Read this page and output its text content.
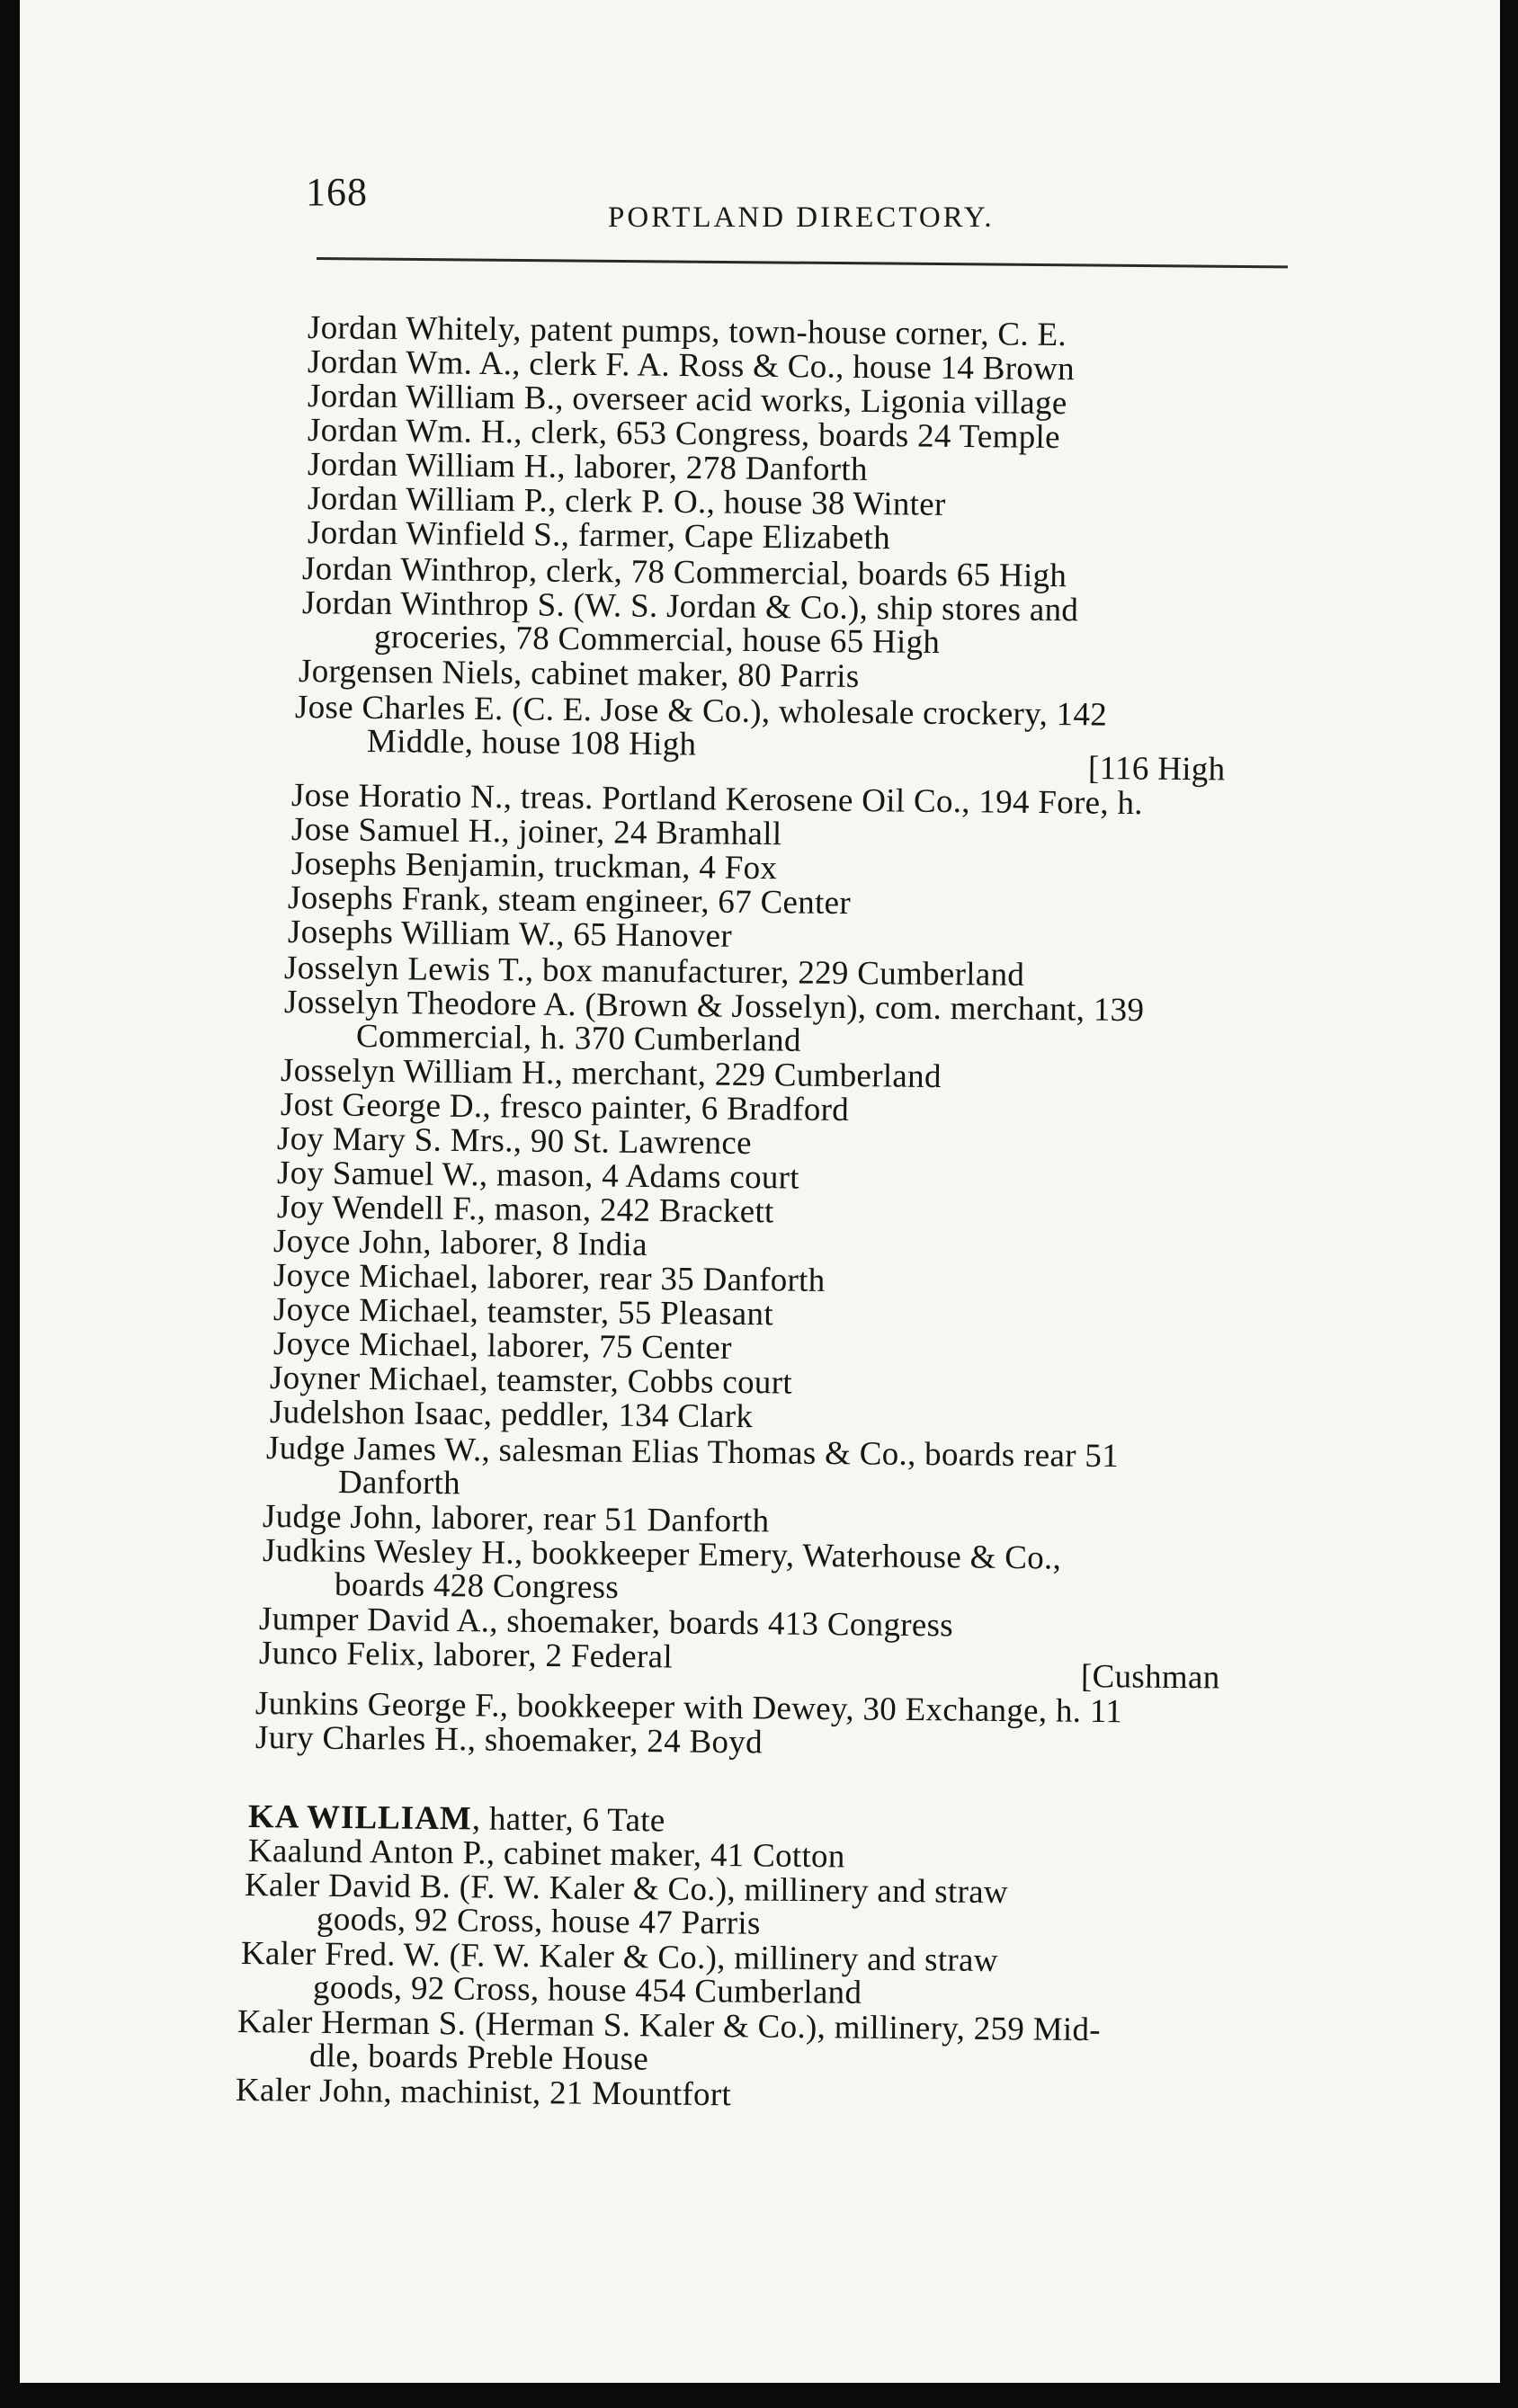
168
PORTLAND DIRECTORY.
Jordan Whitely, patent pumps, town-house corner, C. E.
Jordan Wm. A., clerk F. A. Ross & Co., house 14 Brown
Jordan William B., overseer acid works, Ligonia village
Jordan Wm. H., clerk, 653 Congress, boards 24 Temple
Jordan William H., laborer, 278 Danforth
Jordan William P., clerk P. O., house 38 Winter
Jordan Winfield S., farmer, Cape Elizabeth
Jordan Winthrop, clerk, 78 Commercial, boards 65 High
Jordan Winthrop S. (W. S. Jordan & Co.), ship stores and
groceries, 78 Commercial, house 65 High
Jorgensen Niels, cabinet maker, 80 Parris
Jose Charles E. (C. E. Jose & Co.), wholesale crockery, 142
Middle, house 108 High
[116 High
Jose Horatio N., treas. Portland Kerosene Oil Co., 194 Fore, h.
Jose Samuel H., joiner, 24 Bramhall
Josephs Benjamin, truckman, 4 Fox
Josephs Frank, steam engineer, 67 Center
Josephs William W., 65 Hanover
Josselyn Lewis T., box manufacturer, 229 Cumberland
Josselyn Theodore A. (Brown & Josselyn), com. merchant, 139
Commercial, h. 370 Cumberland
Josselyn William H., merchant, 229 Cumberland
Jost George D., fresco painter, 6 Bradford
Joy Mary S. Mrs., 90 St. Lawrence
Joy Samuel W., mason, 4 Adams court
Joy Wendell F., mason, 242 Brackett
Joyce John, laborer, 8 India
Joyce Michael, laborer, rear 35 Danforth
Joyce Michael, teamster, 55 Pleasant
Joyce Michael, laborer, 75 Center
Joyner Michael, teamster, Cobbs court
Judelshon Isaac, peddler, 134 Clark
Judge James W., salesman Elias Thomas & Co., boards rear 51
Danforth
Judge John, laborer, rear 51 Danforth
Judkins Wesley H., bookkeeper Emery, Waterhouse & Co.,
boards 428 Congress
Jumper David A., shoemaker, boards 413 Congress
Junco Felix, laborer, 2 Federal
[Cushman
Junkins George F., bookkeeper with Dewey, 30 Exchange, h. 11
Jury Charles H., shoemaker, 24 Boyd
KA WILLIAM, hatter, 6 Tate
Kaalund Anton P., cabinet maker, 41 Cotton
Kaler David B. (F. W. Kaler & Co.), millinery and straw
goods, 92 Cross, house 47 Parris
Kaler Fred. W. (F. W. Kaler & Co.), millinery and straw
goods, 92 Cross, house 454 Cumberland
Kaler Herman S. (Herman S. Kaler & Co.), millinery, 259 Mid-
dle, boards Preble House
Kaler John, machinist, 21 Mountfort
